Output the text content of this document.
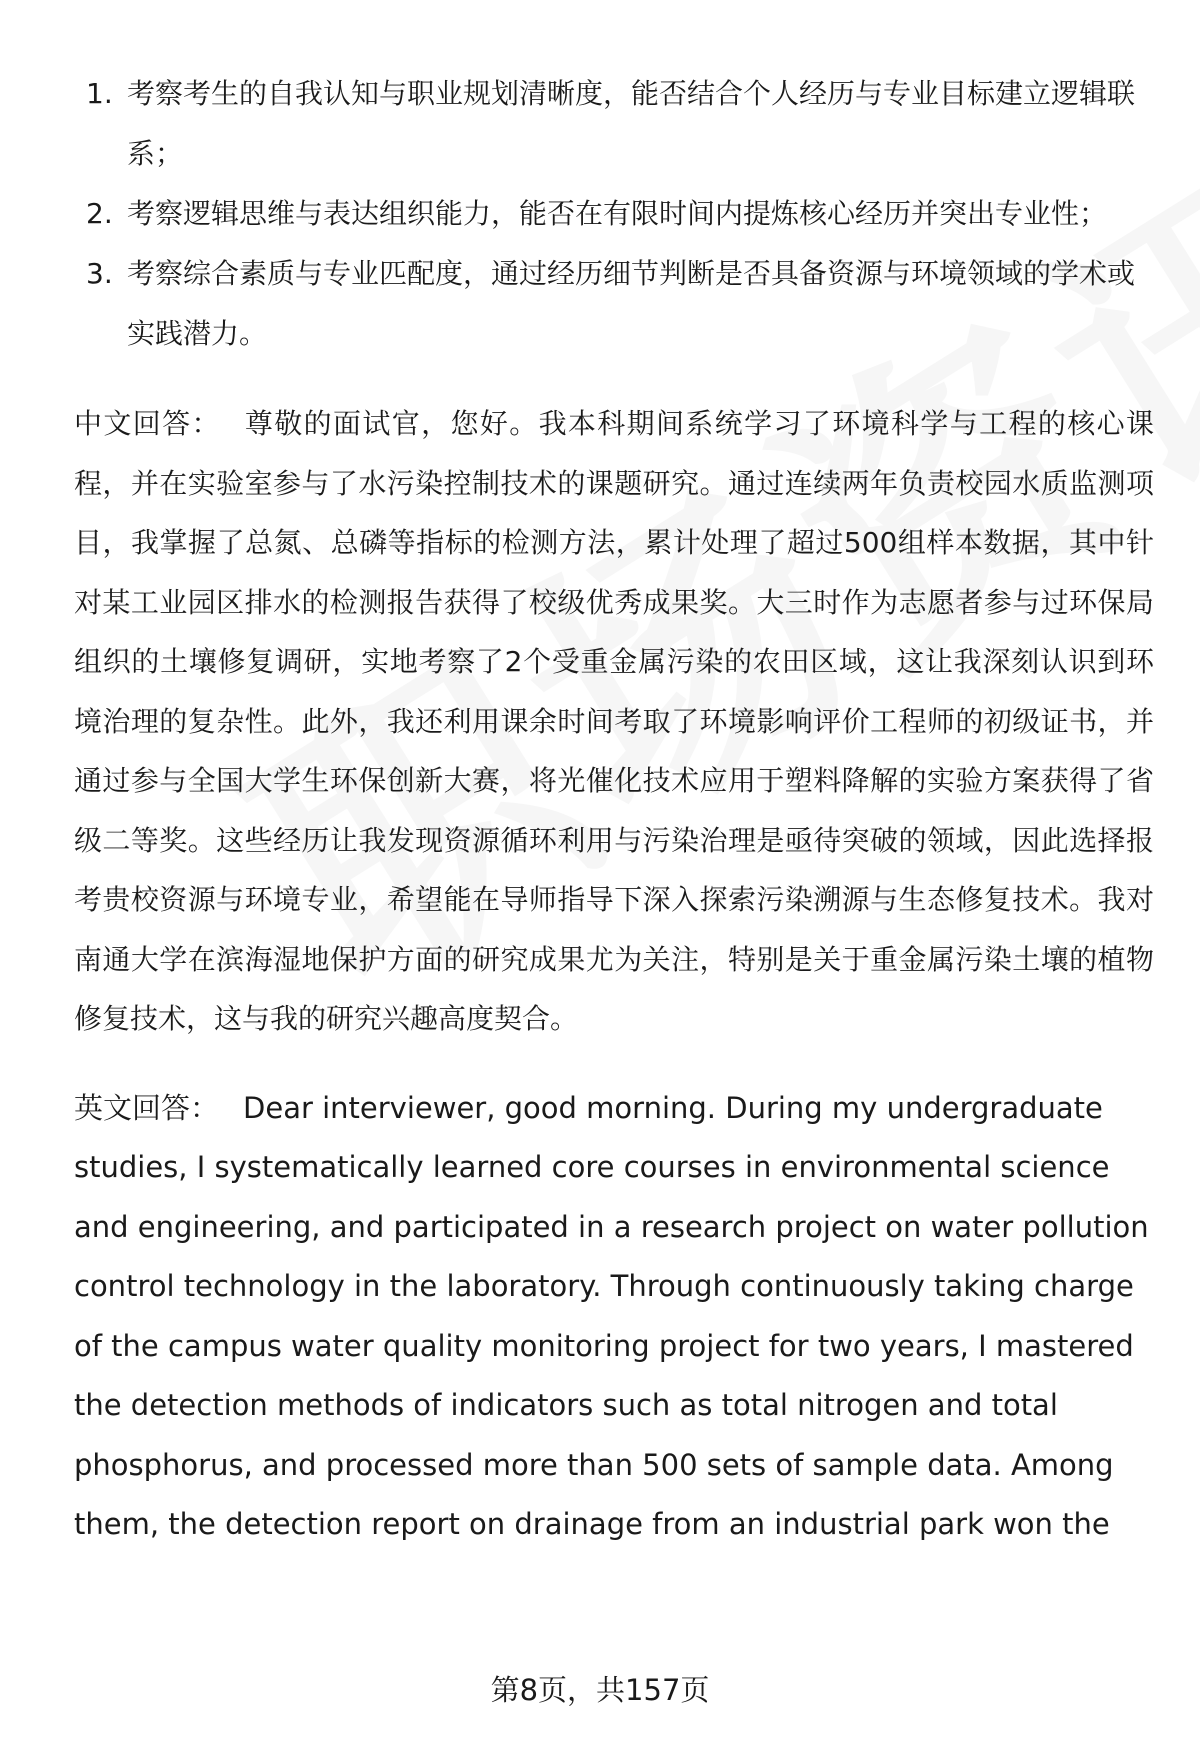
1. 考察考生的自我认知与职业规划清晰度，能否结合个人经历与专业目标建立逻辑联系；
2. 考察逻辑思维与表达组织能力，能否在有限时间内提炼核心经历并突出专业性；
3. 考察综合素质与专业匹配度，通过经历细节判断是否具备资源与环境领域的学术或实践潜力。

中文回答： 尊敬的面试官，您好。我本科期间系统学习了环境科学与工程的核心课程，并在实验室参与了水污染控制技术的课题研究。通过连续两年负责校园水质监测项目，我掌握了总氮、总磷等指标的检测方法，累计处理了超过500组样本数据，其中针对某工业园区排水的检测报告获得了校级优秀成果奖。大三时作为志愿者参与过环保局组织的土壤修复调研，实地考察了2个受重金属污染的农田区域，这让我深刻认识到环境治理的复杂性。此外，我还利用课余时间考取了环境影响评价工程师的初级证书，并通过参与全国大学生环保创新大赛，将光催化技术应用于塑料降解的实验方案获得了省级二等奖。这些经历让我发现资源循环利用与污染治理是亟待突破的领域，因此选择报考贵校资源与环境专业，希望能在导师指导下深入探索污染溯源与生态修复技术。我对南通大学在滨海湿地保护方面的研究成果尤为关注，特别是关于重金属污染土壤的植物修复技术，这与我的研究兴趣高度契合。

英文回答： Dear interviewer, good morning. During my undergraduate studies, I systematically learned core courses in environmental science and engineering, and participated in a research project on water pollution control technology in the laboratory. Through continuously taking charge of the campus water quality monitoring project for two years, I mastered the detection methods of indicators such as total nitrogen and total phosphorus, and processed more than 500 sets of sample data. Among them, the detection report on drainage from an industrial park won the

第8页，共157页
